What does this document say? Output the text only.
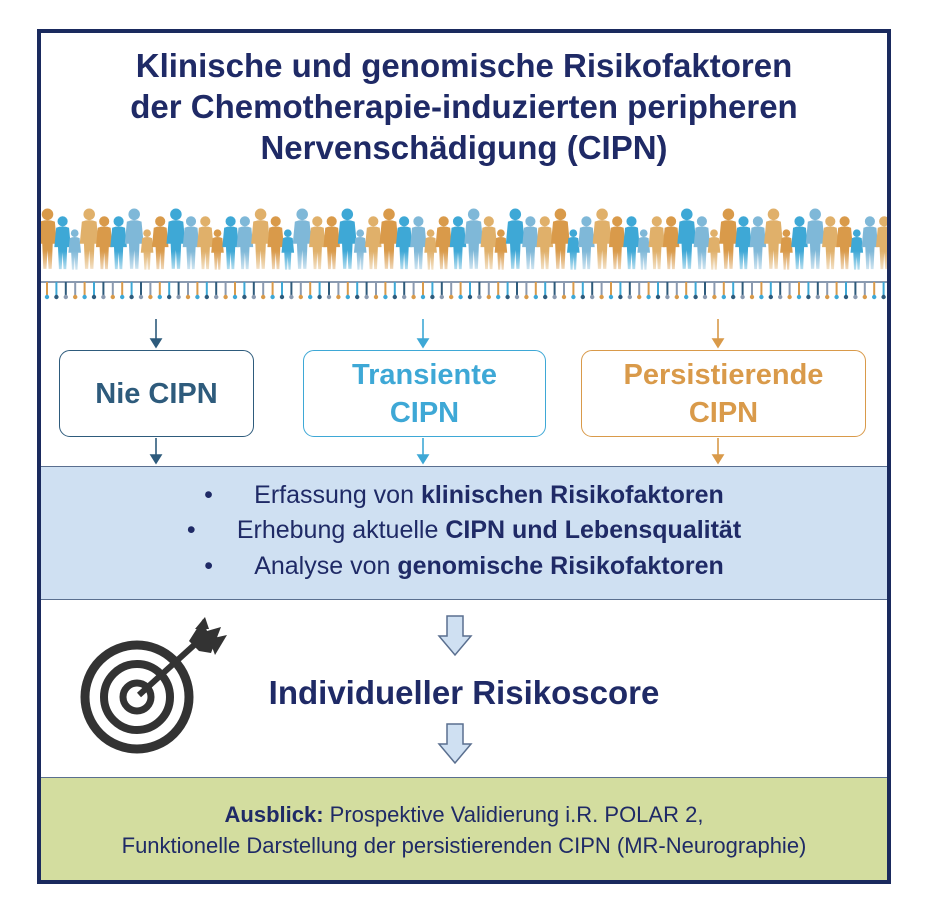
Klinische und genomische Risikofaktoren
der Chemotherapie-induzierten peripheren
Nervenschädigung (CIPN)
Nie CIPN
Transiente
CIPN
Persistierende
CIPN
• Erfassung von klinischen Risikofaktoren
• Erhebung aktuelle CIPN und Lebensqualität
• Analyse von genomische Risikofaktoren
Individueller Risikoscore
Ausblick: Prospektive Validierung i.R. POLAR 2,
Funktionelle Darstellung der persistierenden CIPN (MR-Neurographie)
